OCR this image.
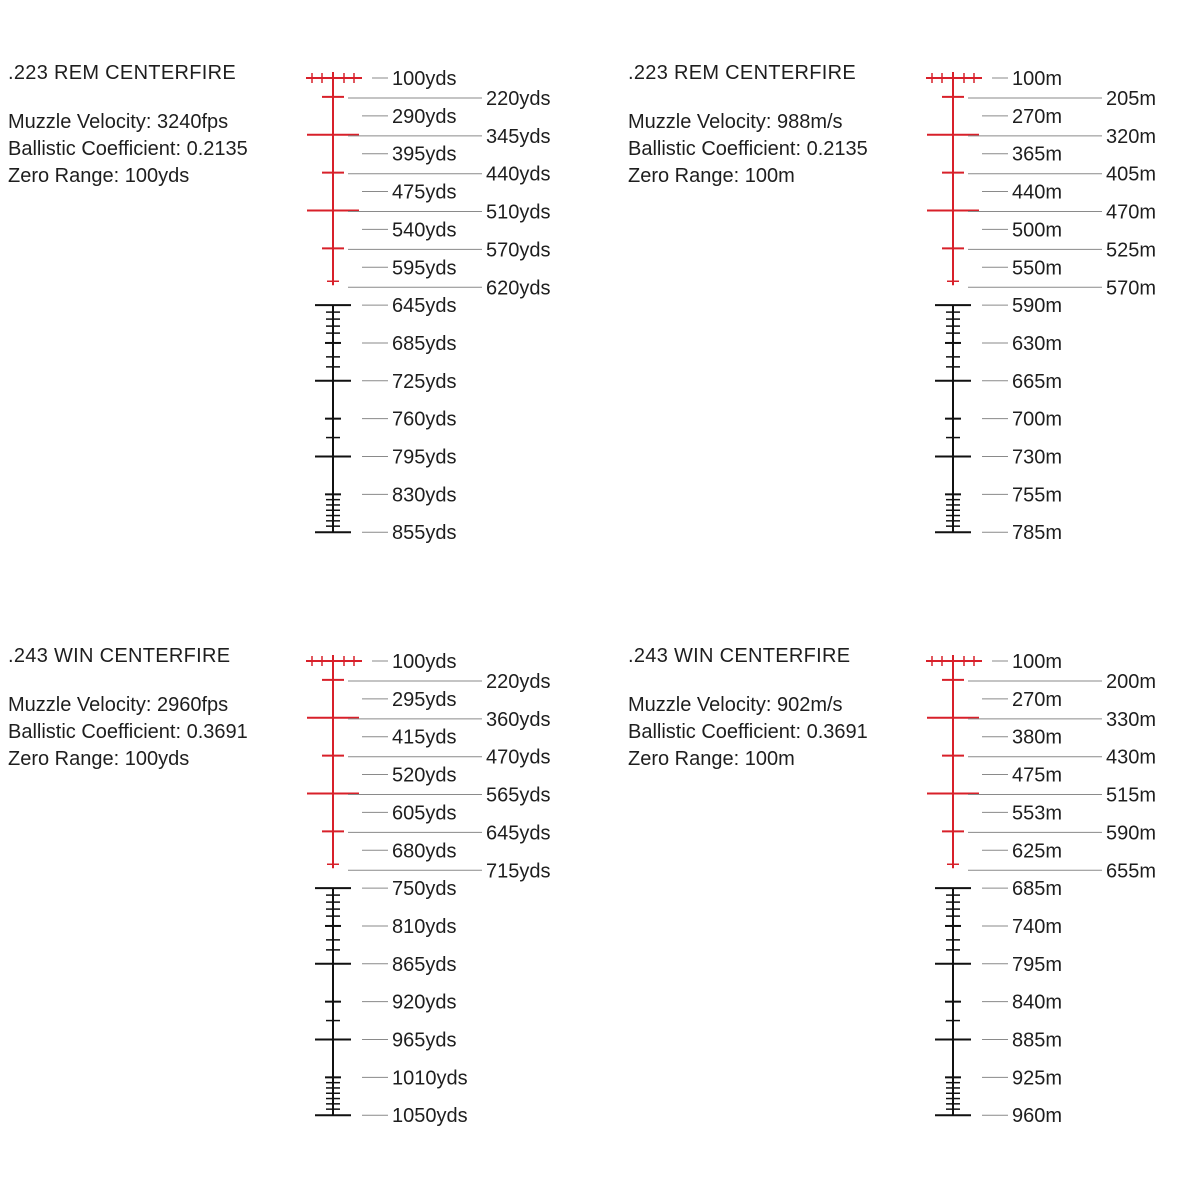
.223 REM CENTERFIRE
Muzzle Velocity: 3240fps
Ballistic Coefficient: 0.2135
Zero Range: 100yds
100yds
290yds
395yds
475yds
540yds
595yds
645yds
685yds
725yds
760yds
795yds
830yds
855yds
220yds
345yds
440yds
510yds
570yds
620yds
.223 REM CENTERFIRE
Muzzle Velocity: 988m/s
Ballistic Coefficient: 0.2135
Zero Range: 100m
100m
270m
365m
440m
500m
550m
590m
630m
665m
700m
730m
755m
785m
205m
320m
405m
470m
525m
570m
.243 WIN CENTERFIRE
Muzzle Velocity: 2960fps
Ballistic Coefficient: 0.3691
Zero Range: 100yds
100yds
295yds
415yds
520yds
605yds
680yds
750yds
810yds
865yds
920yds
965yds
1010yds
1050yds
220yds
360yds
470yds
565yds
645yds
715yds
.243 WIN CENTERFIRE
Muzzle Velocity: 902m/s
Ballistic Coefficient: 0.3691
Zero Range: 100m
100m
270m
380m
475m
553m
625m
685m
740m
795m
840m
885m
925m
960m
200m
330m
430m
515m
590m
655m
